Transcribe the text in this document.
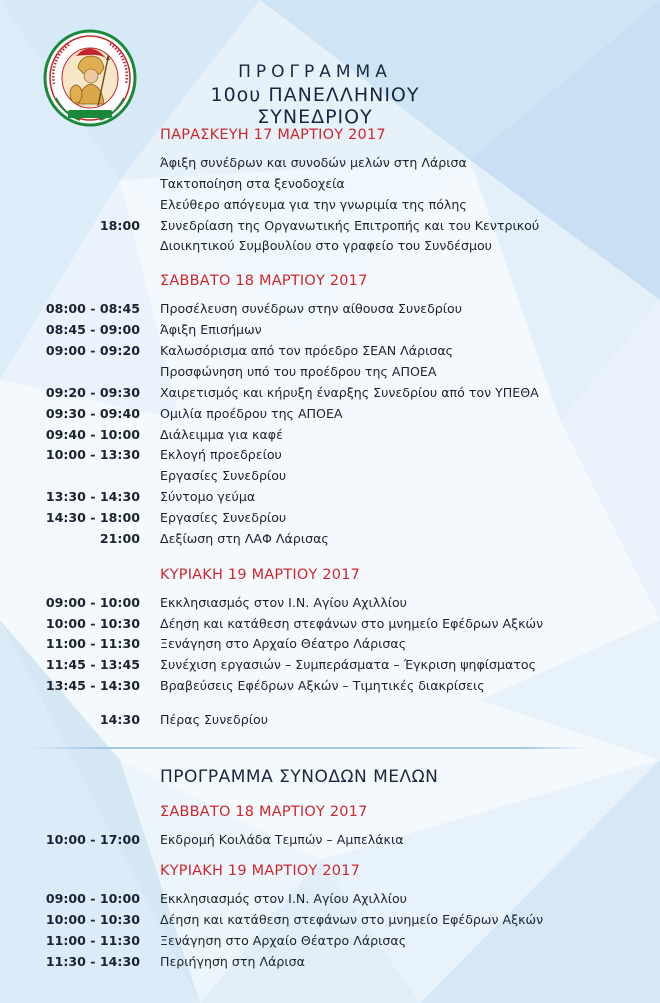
ΠΡΟΓΡΑΜΜΑ
10ου ΠΑΝΕΛΛΗΝΙΟΥ ΣΥΝΕΔΡΙΟΥ
ΠΑΡΑΣΚΕΥΗ 17 ΜΑΡΤΙΟΥ 2017
Άφιξη συνέδρων και συνοδών μελών στη Λάρισα
Τακτοποίηση στα ξενοδοχεία
Ελεύθερο απόγευμα για την γνωριμία της πόλης
18:00 Συνεδρίαση της Οργανωτικής Επιτροπής και του Κεντρικού
Διοικητικού Συμβουλίου στο γραφείο του Συνδέσμου
ΣΑΒΒΑΤΟ 18 ΜΑΡΤΙΟΥ 2017
08:00 - 08:45 Προσέλευση συνέδρων στην αίθουσα Συνεδρίου
08:45 - 09:00 Άφιξη Επισήμων
09:00 - 09:20 Καλωσόρισμα από τον πρόεδρο ΣΕΑΝ Λάρισας
Προσφώνηση υπό του προέδρου της ΑΠΟΕΑ
09:20 - 09:30 Χαιρετισμός και κήρυξη έναρξης Συνεδρίου από τον ΥΠΕΘΑ
09:30 - 09:40 Ομιλία προέδρου της ΑΠΟΕΑ
09:40 - 10:00 Διάλειμμα για καφέ
10:00 - 13:30 Εκλογή προεδρείου
Εργασίες Συνεδρίου
13:30 - 14:30 Σύντομο γεύμα
14:30 - 18:00 Εργασίες Συνεδρίου
21:00 Δεξίωση στη ΛΑΦ Λάρισας
ΚΥΡΙΑΚΗ 19 ΜΑΡΤΙΟΥ 2017
09:00 - 10:00 Εκκλησιασμός στον Ι.Ν. Αγίου Αχιλλίου
10:00 - 10:30 Δέηση και κατάθεση στεφάνων στο μνημείο Εφέδρων Αξκών
11:00 - 11:30 Ξενάγηση στο Αρχαίο Θέατρο Λάρισας
11:45 - 13:45 Συνέχιση εργασιών – Συμπεράσματα – Έγκριση ψηφίσματος
13:45 - 14:30 Βραβεύσεις Εφέδρων Αξκών – Τιμητικές διακρίσεις
14:30 Πέρας Συνεδρίου
ΠΡΟΓΡΑΜΜΑ ΣΥΝΟΔΩΝ ΜΕΛΩΝ
ΣΑΒΒΑΤΟ 18 ΜΑΡΤΙΟΥ 2017
10:00 - 17:00 Εκδρομή Κοιλάδα Τεμπών – Αμπελάκια
ΚΥΡΙΑΚΗ 19 ΜΑΡΤΙΟΥ 2017
09:00 - 10:00 Εκκλησιασμός στον Ι.Ν. Αγίου Αχιλλίου
10:00 - 10:30 Δέηση και κατάθεση στεφάνων στο μνημείο Εφέδρων Αξκών
11:00 - 11:30 Ξενάγηση στο Αρχαίο Θέατρο Λάρισας
11:30 - 14:30 Περιήγηση στη Λάρισα
